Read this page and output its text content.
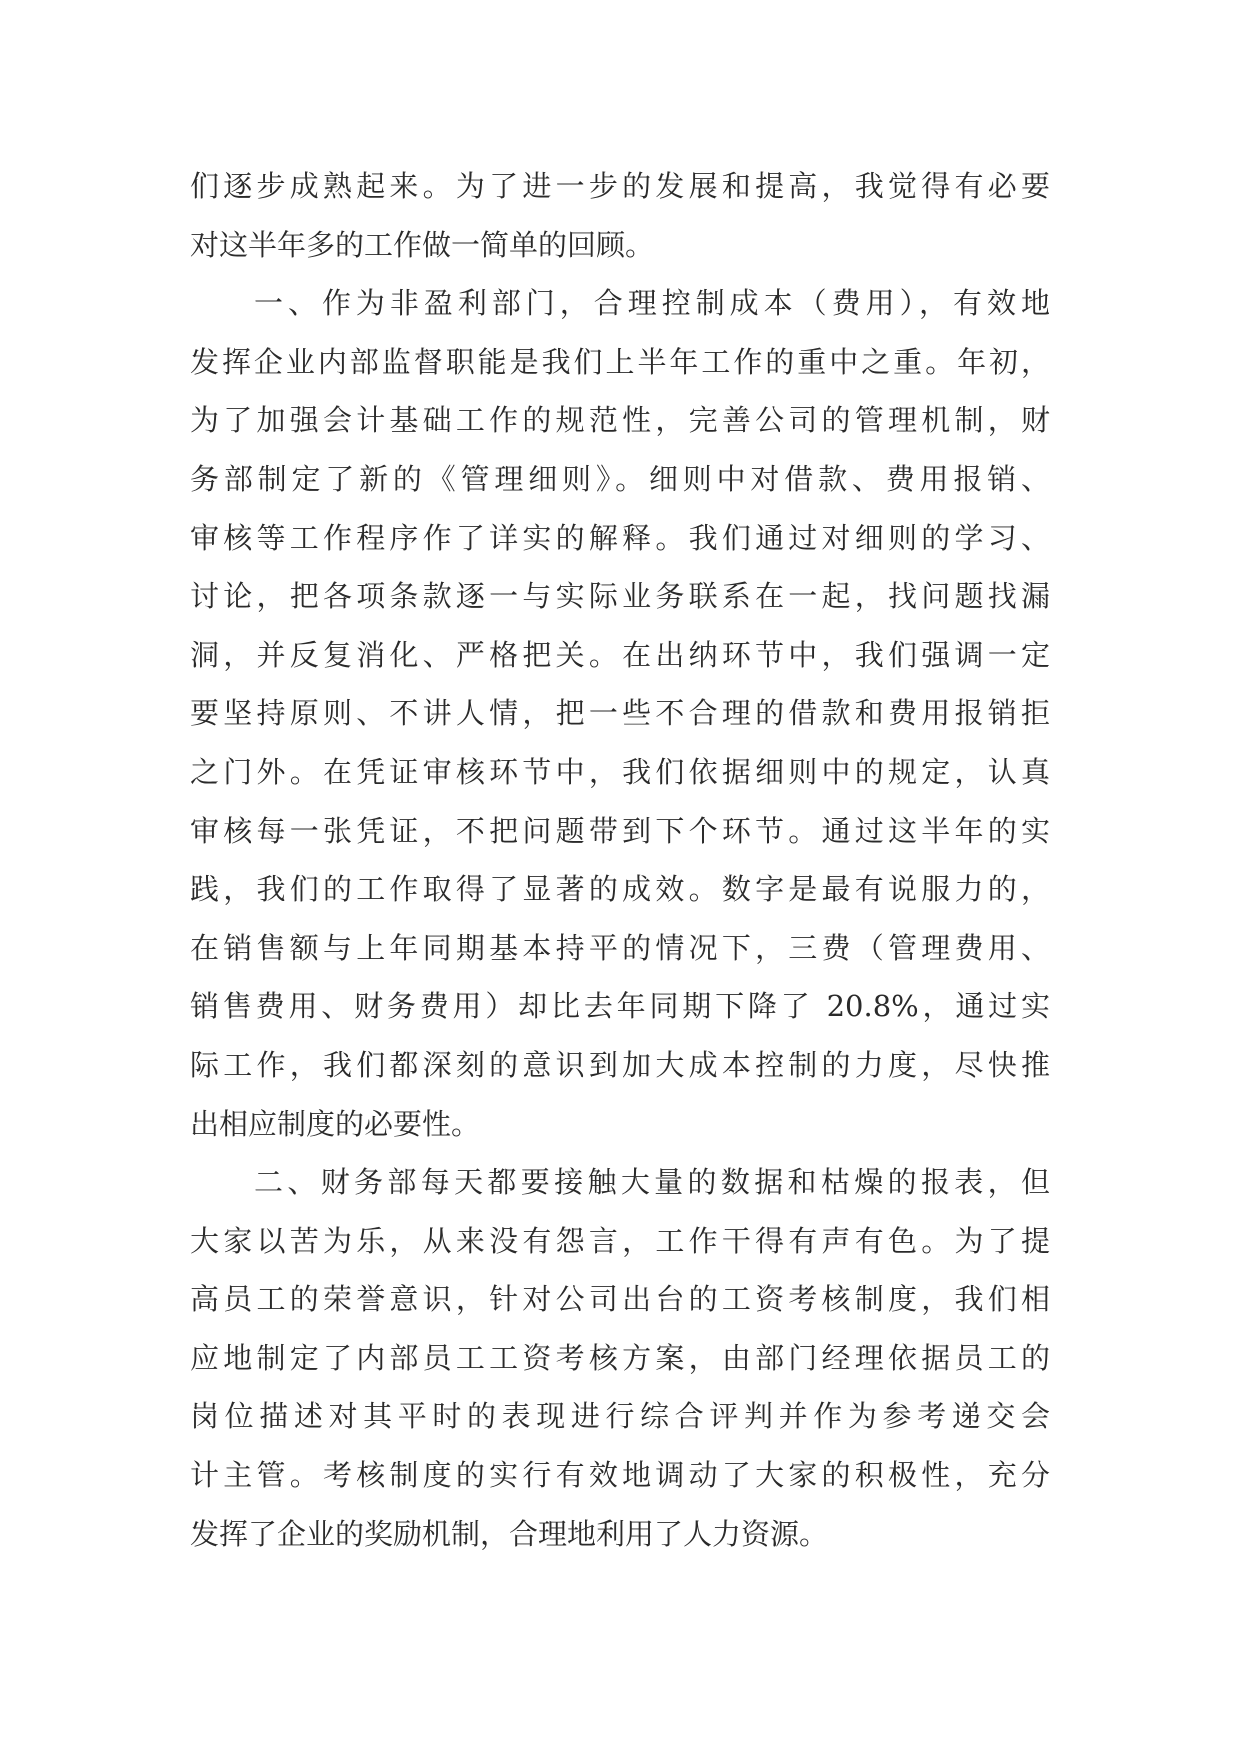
们逐步成熟起来。为了进一步的发展和提高，我觉得有必要
对这半年多的工作做一简单的回顾。
一、作为非盈利部门，合理控制成本（费用），有效地
发挥企业内部监督职能是我们上半年工作的重中之重。年初，
为了加强会计基础工作的规范性，完善公司的管理机制，财
务部制定了新的《管理细则》。细则中对借款、费用报销、
审核等工作程序作了详实的解释。我们通过对细则的学习、
讨论，把各项条款逐一与实际业务联系在一起，找问题找漏
洞，并反复消化、严格把关。在出纳环节中，我们强调一定
要坚持原则、不讲人情，把一些不合理的借款和费用报销拒
之门外。在凭证审核环节中，我们依据细则中的规定，认真
审核每一张凭证，不把问题带到下个环节。通过这半年的实
践，我们的工作取得了显著的成效。数字是最有说服力的，
在销售额与上年同期基本持平的情况下，三费（管理费用、
销售费用、财务费用）却比去年同期下降了 20.8%，通过实
际工作，我们都深刻的意识到加大成本控制的力度，尽快推
出相应制度的必要性。
二、财务部每天都要接触大量的数据和枯燥的报表，但
大家以苦为乐，从来没有怨言，工作干得有声有色。为了提
高员工的荣誉意识，针对公司出台的工资考核制度，我们相
应地制定了内部员工工资考核方案，由部门经理依据员工的
岗位描述对其平时的表现进行综合评判并作为参考递交会
计主管。考核制度的实行有效地调动了大家的积极性，充分
发挥了企业的奖励机制，合理地利用了人力资源。
